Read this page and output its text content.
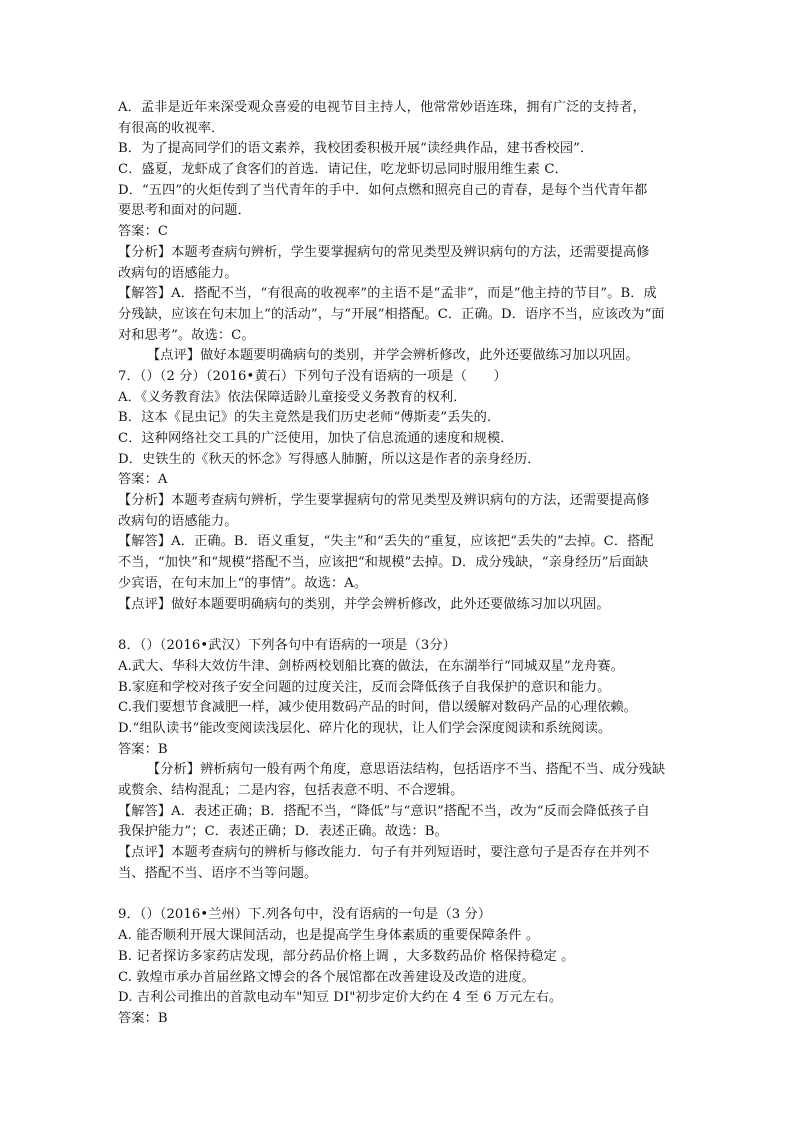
A．孟非是近年来深受观众喜爱的电视节目主持人，他常常妙语连珠，拥有广泛的支持者，
有很高的收视率．
B．为了提高同学们的语文素养，我校团委积极开展“读经典作品，建书香校园”．
C．盛夏，龙虾成了食客们的首选．请记住，吃龙虾切忌同时服用维生素 C．
D．“五四”的火炬传到了当代青年的手中．如何点燃和照亮自己的青春，是每个当代青年都
要思考和面对的问题．
答案：C
【分析】本题考查病句辨析，学生要掌握病句的常见类型及辨识病句的方法，还需要提高修
改病句的语感能力。
【解答】A．搭配不当，“有很高的收视率”的主语不是“孟非”，而是“他主持的节目”。B．成
分残缺，应该在句末加上“的活动”，与“开展”相搭配。C．正确。D．语序不当，应该改为“面
对和思考”。故选：C。
【点评】做好本题要明确病句的类别，并学会辨析修改，此外还要做练习加以巩固。
7．（）（2 分）（2016•黄石）下列句子没有语病的一项是（　　）
A．《义务教育法》依法保障适龄儿童接受义务教育的权利．
B．这本《昆虫记》的失主竟然是我们历史老师“傅斯麦”丢失的．
C．这种网络社交工具的广泛使用，加快了信息流通的速度和规模．
D．史铁生的《秋天的怀念》写得感人肺腑，所以这是作者的亲身经历．
答案：A
【分析】本题考查病句辨析，学生要掌握病句的常见类型及辨识病句的方法，还需要提高修
改病句的语感能力。
【解答】A．正确。B．语义重复，“失主”和“丢失的”重复，应该把“丢失的”去掉。C．搭配
不当，“加快”和“规模”搭配不当，应该把“和规模”去掉。D．成分残缺，“亲身经历”后面缺
少宾语，在句末加上“的事情”。故选：A。
【点评】做好本题要明确病句的类别，并学会辨析修改，此外还要做练习加以巩固。
8．（）（2016•武汉）下列各句中有语病的一项是（3分）
A.武大、华科大效仿牛津、剑桥两校划船比赛的做法，在东湖举行“同城双星”龙舟赛。
B.家庭和学校对孩子安全问题的过度关注，反而会降低孩子自我保护的意识和能力。
C.我们要想节食减肥一样，减少使用数码产品的时间，借以缓解对数码产品的心理依赖。
D.“组队读书”能改变阅读浅层化、碎片化的现状，让人们学会深度阅读和系统阅读。
答案：B
【分析】辨析病句一般有两个角度，意思语法结构，包括语序不当、搭配不当、成分残缺
或赘余、结构混乱；二是内容，包括表意不明、不合逻辑。
【解答】A．表述正确；B．搭配不当，“降低”与“意识”搭配不当，改为“反而会降低孩子自
我保护能力”；C．表述正确；D．表述正确。故选：B。
【点评】本题考查病句的辨析与修改能力．句子有并列短语时，要注意句子是否存在并列不
当、搭配不当、语序不当等问题。
9．（）（2016•兰州）下.列各句中，没有语病的一句是（3 分）
A. 能否顺利开展大课间活动，也是提高学生身体素质的重要保障条件 。
B. 记者探访多家药店发现，部分药品价格上调 ，大多数药品价 格保持稳定 。
C. 敦煌市承办首届丝路文博会的各个展馆都在改善建设及改造的进度。
D. 吉利公司推出的首款电动车"知豆 DI"初步定价大约在 4 至 6 万元左右。
答案：B
